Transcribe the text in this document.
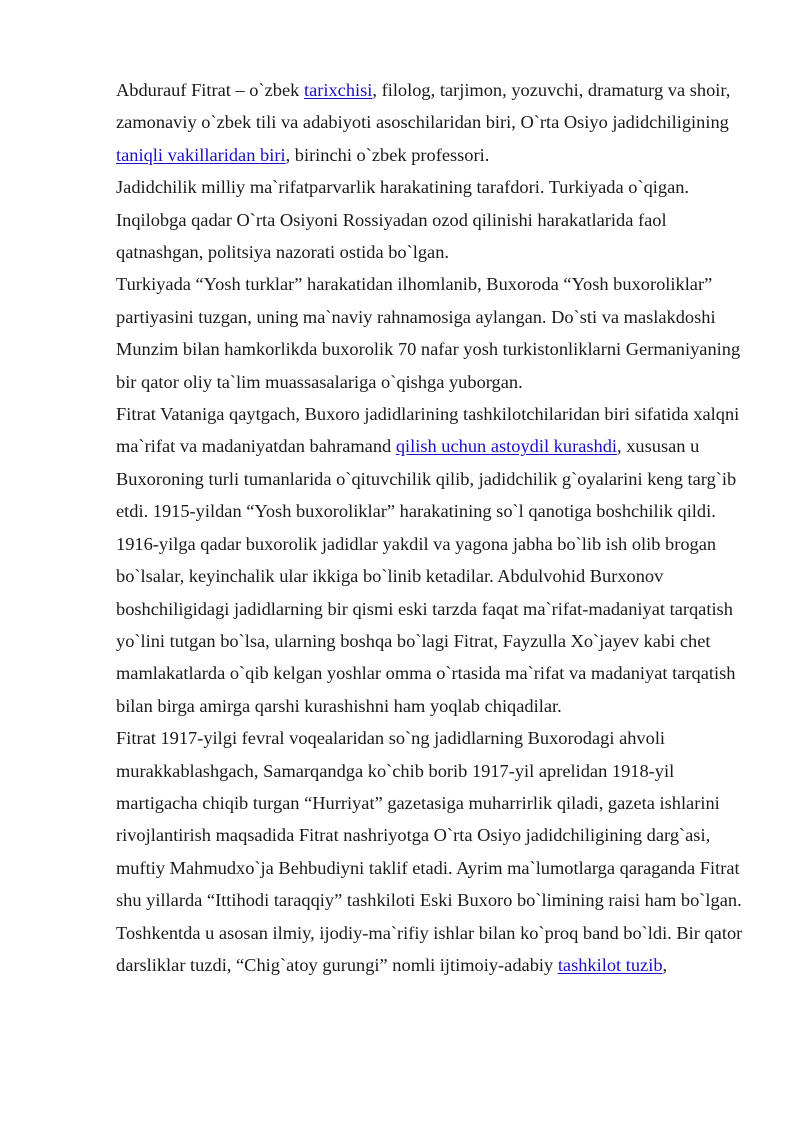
Abdurauf Fitrat – o`zbek tarixchisi, filolog, tarjimon, yozuvchi, dramaturg va shoir, zamonaviy o`zbek tili va adabiyoti asoschilaridan biri, O`rta Osiyo jadidchiligining taniqli vakillaridan biri, birinchi o`zbek professori.

Jadidchilik milliy ma`rifatparvarlik harakatining tarafdori. Turkiyada o`qigan. Inqilobga qadar O`rta Osiyoni Rossiyadan ozod qilinishi harakatlarida faol qatnashgan, politsiya nazorati ostida bo`lgan.

Turkiyada “Yosh turklar” harakatidan ilhomlanib, Buxoroda “Yosh buxoroliklar” partiyasini tuzgan, uning ma`naviy rahnamosiga aylangan. Do`sti va maslakdoshi Munzim bilan hamkorlikda buxorolik 70 nafar yosh turkistonliklarni Germaniyaning bir qator oliy ta`lim muassasalariga o`qishga yuborgan.

Fitrat Vataniga qaytgach, Buxoro jadidlarining tashkilotchilaridan biri sifatida xalqni ma`rifat va madaniyatdan bahramand qilish uchun astoydil kurashdi, xususan u Buxoroning turli tumanlarida o`qituvchilik qilib, jadidchilik g`oyalarini keng targ`ib etdi. 1915-yildan “Yosh buxoroliklar” harakatining so`l qanotiga boshchilik qildi. 1916-yilga qadar buxorolik jadidlar yakdil va yagona jabha bo`lib ish olib brogan bo`lsalar, keyinchalik ular ikkiga bo`linib ketadilar. Abdulvohid Burxonov boshchiligidagi jadidlarning bir qismi eski tarzda faqat ma`rifat-madaniyat tarqatish yo`lini tutgan bo`lsa, ularning boshqa bo`lagi Fitrat, Fayzulla Xo`jayev kabi chet mamlakatlarda o`qib kelgan yoshlar omma o`rtasida ma`rifat va madaniyat tarqatish bilan birga amirga qarshi kurashishni ham yoqlab chiqadilar.

Fitrat 1917-yilgi fevral voqealaridan so`ng jadidlarning Buxorodagi ahvoli murakkablashgach, Samarqandga ko`chib borib 1917-yil aprelidan 1918-yil martigacha chiqib turgan “Hurriyat” gazetasiga muharrirlik qiladi, gazeta ishlarini rivojlantirish maqsadida Fitrat nashriyotga O`rta Osiyo jadidchiligining darg`asi, muftiy Mahmudxo`ja Behbudiyni taklif etadi. Ayrim ma`lumotlarga qaraganda Fitrat shu yillarda “Ittihodi taraqqiy” tashkiloti Eski Buxoro bo`limining raisi ham bo`lgan.

Toshkentda u asosan ilmiy, ijodiy-ma`rifiy ishlar bilan ko`proq band bo`ldi. Bir qator darsliklar tuzdi, “Chig`atoy gurungi” nomli ijtimoiy-adabiy tashkilot tuzib,
